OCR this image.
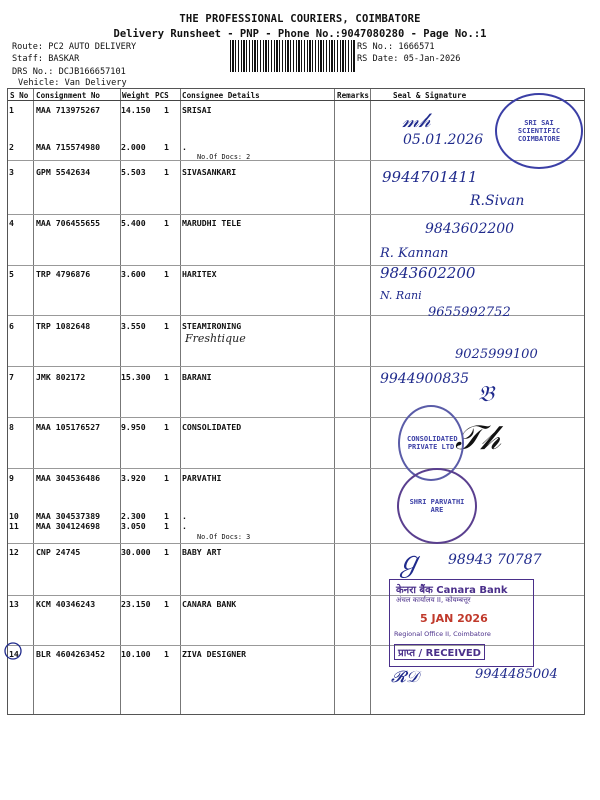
THE PROFESSIONAL COURIERS, COIMBATORE
Delivery Runsheet - PNP - Phone No.:9047080280 - Page No.:1
Route: PC2 AUTO DELIVERY
Staff: BASKAR
DRS No.: DCJB166657101
Vehicle: Van Delivery
RS No.: 1666571
RS Date: 05-Jan-2026
S No Consignment No	Weight PCS Consignee Details	Remarks	Seal & Signature
1	MAA 713975267	14.150 1 SRISAI
2	MAA 715574980	2.000 1 .
No.Of Docs: 2
3	GPM 5542634	5.503 1 SIVASANKARI
4	MAA 706455655	5.400 1 MARUDHI TELE
5	TRP 4796876	3.600 1 HARITEX
6	TRP 1082648	3.550 1 STEAMIRONING
7	JMK 802172	15.300 1 BARANI
8	MAA 105176527	9.950 1 CONSOLIDATED
9	MAA 304536486	3.920 1 PARVATHI
10 MAA 304537389	2.300 1 .
11 MAA 304124698	3.050 1 .
No.Of Docs: 3
12 CNP 24745	30.000 1 BABY ART
13 KCM 40346243	23.150 1 CANARA BANK
14 BLR 4604263452 10.100 1 ZIVA DESIGNER
𝓂𝒽
05.01.2026
9944701411
R.Sivan
9843602200
R. Kannan
9843602200
N. Rani
9655992752
Freshtique
9025999100
9944900835
𝔅
𝒯𝒽
98943 70787
ℊ
𝓡𝒟	9944485004
SRI SAI SCIENTIFIC COIMBATORE
CONSOLIDATED PRIVATE LTD
SHRI PARVATHI ARE
केनरा बैंक Canara Bank
अंचल कार्यालय II, कोयम्बत्तूर
5 JAN 2026
Regional Office II, Coimbatore
प्राप्त / RECEIVED
